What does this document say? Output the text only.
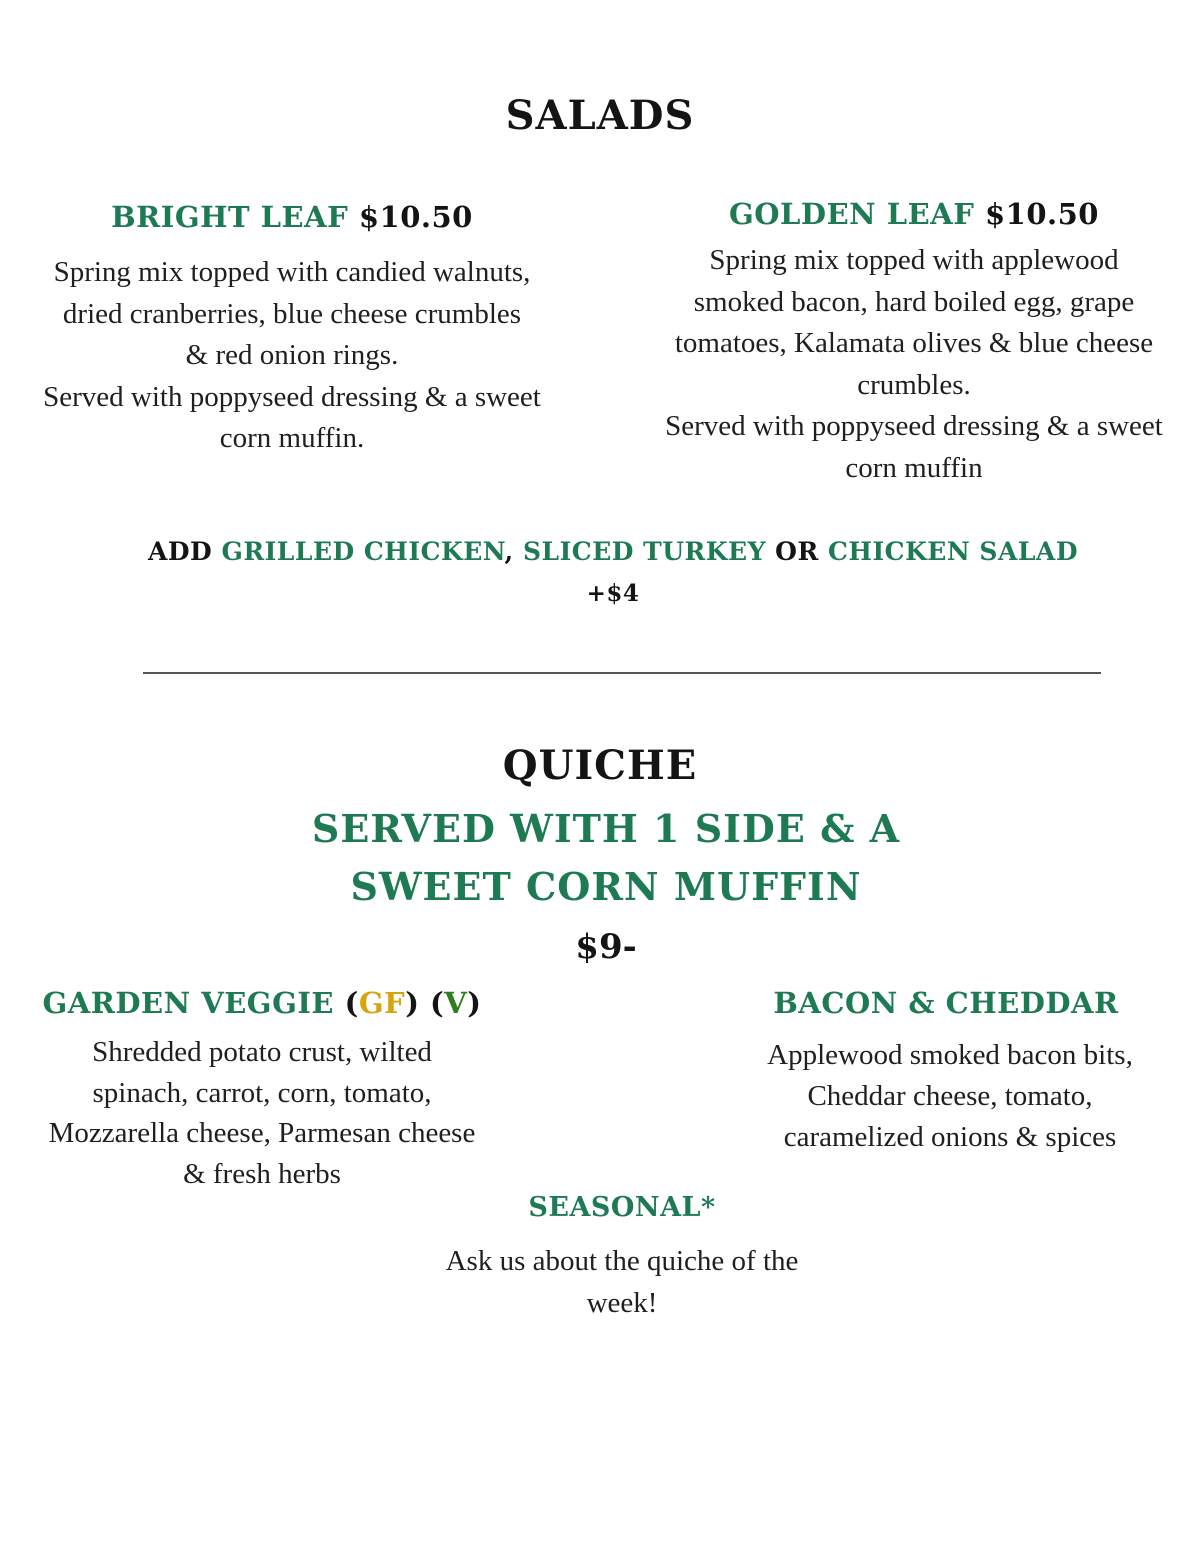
SALADS
BRIGHT LEAF $10.50
Spring mix topped with candied walnuts,
dried cranberries, blue cheese crumbles
& red onion rings.
Served with poppyseed dressing & a sweet
corn muffin.
GOLDEN LEAF $10.50
Spring mix topped with applewood
smoked bacon, hard boiled egg, grape
tomatoes, Kalamata olives & blue cheese
crumbles.
Served with poppyseed dressing & a sweet
corn muffin
ADD GRILLED CHICKEN, SLICED TURKEY OR CHICKEN SALAD
+$4
QUICHE
SERVED WITH 1 SIDE & A
SWEET CORN MUFFIN
$9-
GARDEN VEGGIE (GF) (V)
Shredded potato crust, wilted
spinach, carrot, corn, tomato,
Mozzarella cheese, Parmesan cheese
& fresh herbs
BACON & CHEDDAR
Applewood smoked bacon bits,
Cheddar cheese, tomato,
caramelized onions & spices
SEASONAL*
Ask us about the quiche of the
week!
